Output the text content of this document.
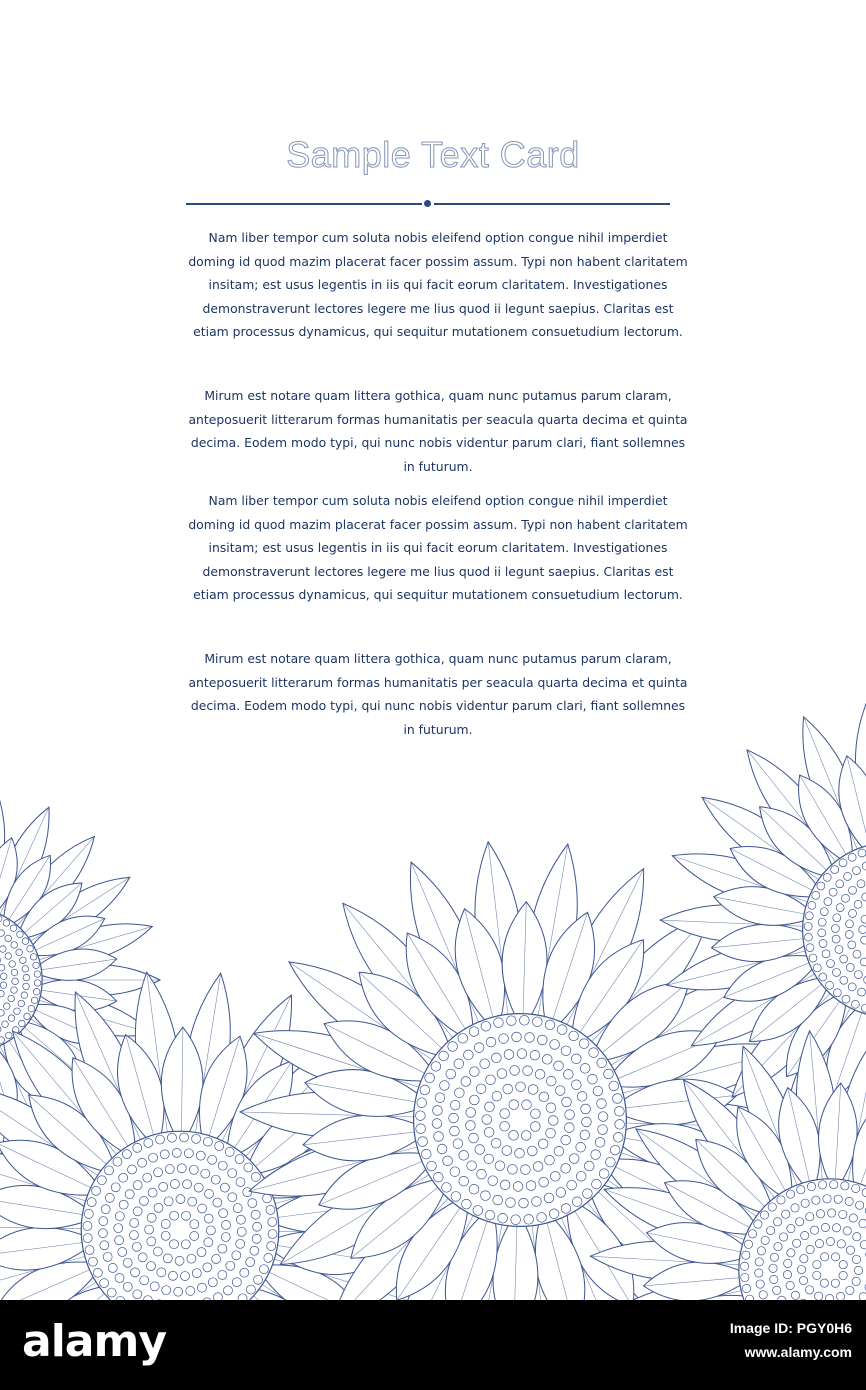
Sample Text Card

Nam liber tempor cum soluta nobis eleifend option congue nihil imperdiet doming id quod mazim placerat facer possim assum. Typi non habent claritatem insitam; est usus legentis in iis qui facit eorum claritatem. Investigationes demonstraverunt lectores legere me lius quod ii legunt saepius. Claritas est etiam processus dynamicus, qui sequitur mutationem consuetudium lectorum.

Mirum est notare quam littera gothica, quam nunc putamus parum claram, anteposuerit litterarum formas humanitatis per seacula quarta decima et quinta decima. Eodem modo typi, qui nunc nobis videntur parum clari, fiant sollemnes in futurum.

Nam liber tempor cum soluta nobis eleifend option congue nihil imperdiet doming id quod mazim placerat facer possim assum. Typi non habent claritatem insitam; est usus legentis in iis qui facit eorum claritatem. Investigationes demonstraverunt lectores legere me lius quod ii legunt saepius. Claritas est etiam processus dynamicus, qui sequitur mutationem consuetudium lectorum.

Mirum est notare quam littera gothica, quam nunc putamus parum claram, anteposuerit litterarum formas humanitatis per seacula quarta decima et quinta decima. Eodem modo typi, qui nunc nobis videntur parum clari, fiant sollemnes in futurum.

alamy	Image ID: PGY0H6
www.alamy.com
